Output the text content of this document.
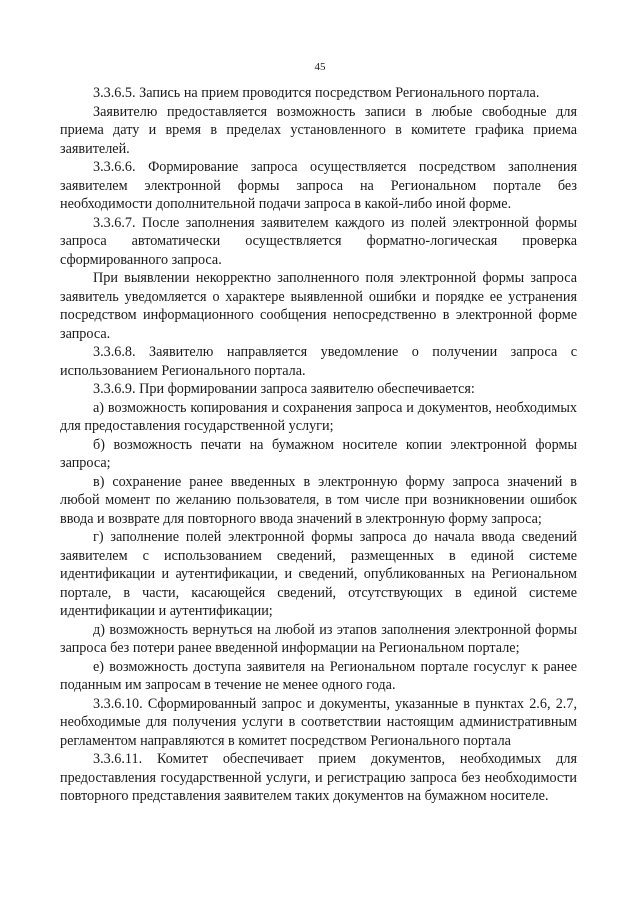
45

3.3.6.5. Запись на прием проводится посредством Регионального портала.

Заявителю предоставляется возможность записи в любые свободные для приема дату и время в пределах установленного в комитете графика приема заявителей.

3.3.6.6. Формирование запроса осуществляется посредством заполнения заявителем электронной формы запроса на Региональном портале без необходимости дополнительной подачи запроса в какой-либо иной форме.

3.3.6.7. После заполнения заявителем каждого из полей электронной формы запроса автоматически осуществляется форматно-логическая проверка сформированного запроса.

При выявлении некорректно заполненного поля электронной формы запроса заявитель уведомляется о характере выявленной ошибки и порядке ее устранения посредством информационного сообщения непосредственно в электронной форме запроса.

3.3.6.8. Заявителю направляется уведомление о получении запроса с использованием Регионального портала.

3.3.6.9. При формировании запроса заявителю обеспечивается:

а) возможность копирования и сохранения запроса и документов, необходимых для предоставления государственной услуги;

б) возможность печати на бумажном носителе копии электронной формы запроса;

в) сохранение ранее введенных в электронную форму запроса значений в любой момент по желанию пользователя, в том числе при возникновении ошибок ввода и возврате для повторного ввода значений в электронную форму запроса;

г) заполнение полей электронной формы запроса до начала ввода сведений заявителем с использованием сведений, размещенных в единой системе идентификации и аутентификации, и сведений, опубликованных на Региональном портале, в части, касающейся сведений, отсутствующих в единой системе идентификации и аутентификации;

д) возможность вернуться на любой из этапов заполнения электронной формы запроса без потери ранее введенной информации на Региональном портале;

е) возможность доступа заявителя на Региональном портале госуслуг к ранее поданным им запросам в течение не менее одного года.

3.3.6.10. Сформированный запрос и документы, указанные в пунктах 2.6, 2.7, необходимые для получения услуги в соответствии настоящим административным регламентом направляются в комитет посредством Регионального портала

3.3.6.11. Комитет обеспечивает прием документов, необходимых для предоставления государственной услуги, и регистрацию запроса без необходимости повторного представления заявителем таких документов на бумажном носителе.
